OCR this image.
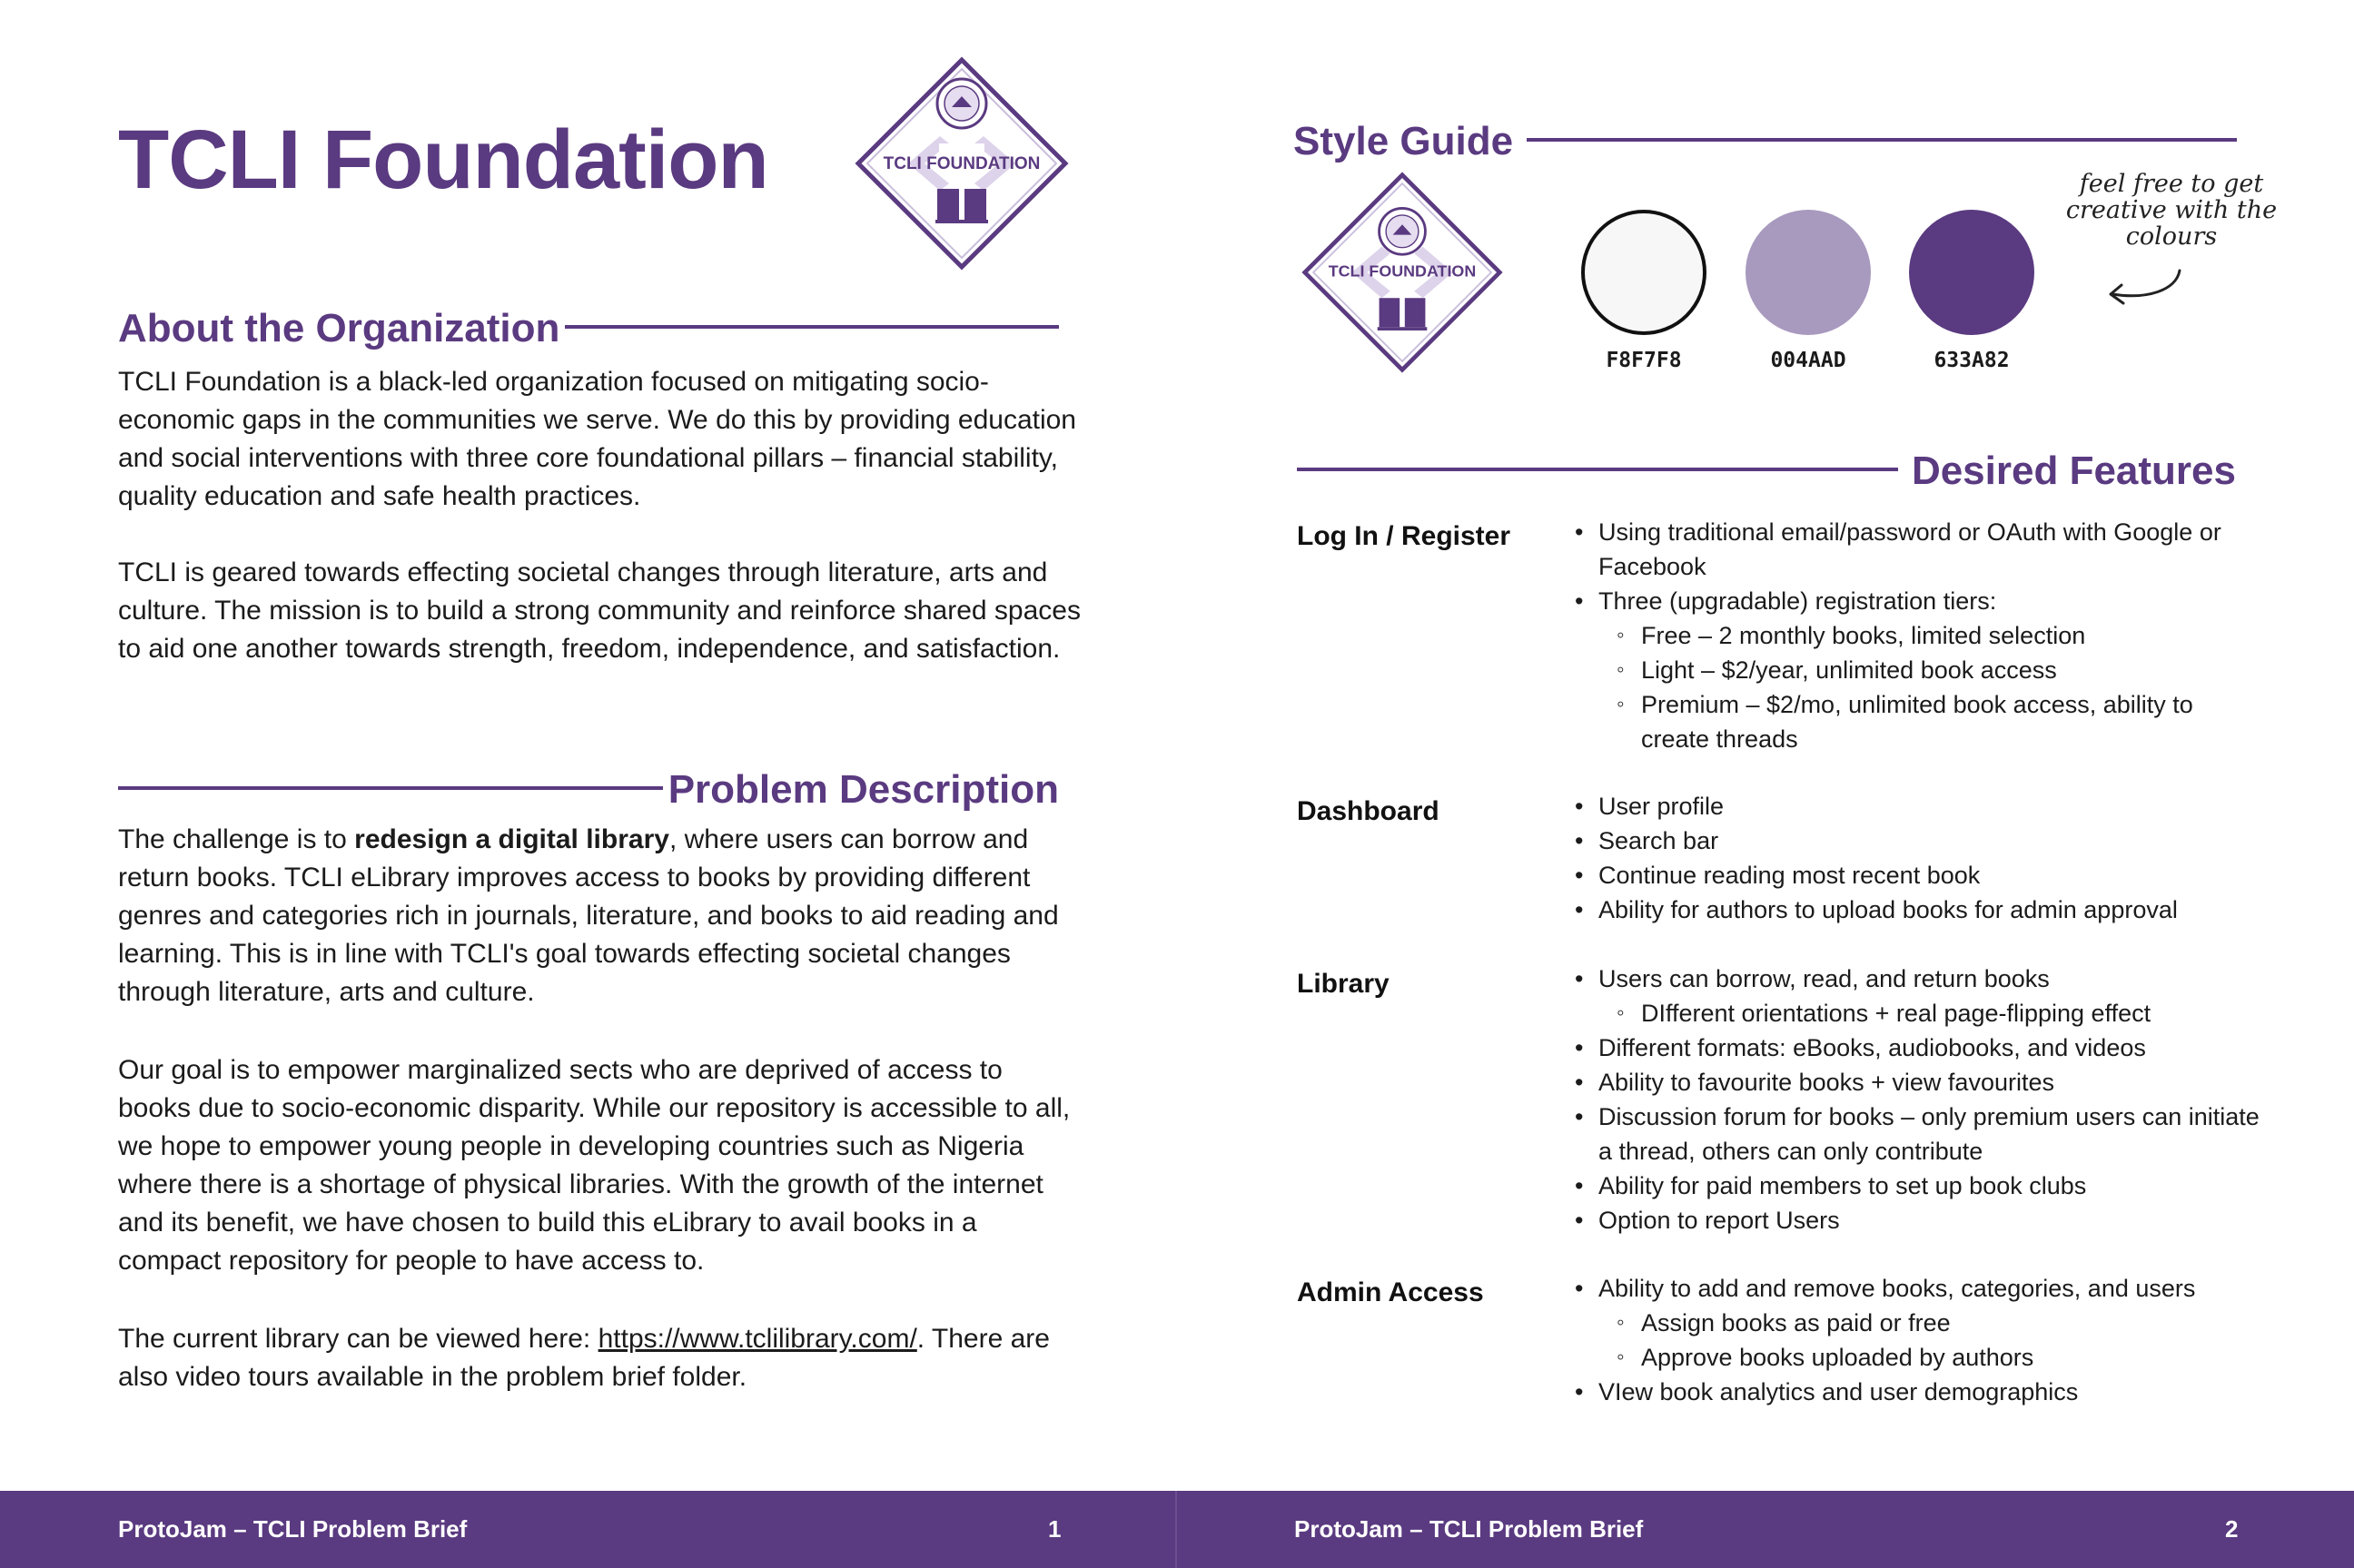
TCLI Foundation	TCLI FOUNDATION
About the Organization

TCLI Foundation is a black-led organization focused on mitigating socio-economic gaps in the communities we serve. We do this by providing education and social interventions with three core foundational pillars – financial stability, quality education and safe health practices.

TCLI is geared towards effecting societal changes through literature, arts and culture. The mission is to build a strong community and reinforce shared spaces to aid one another towards strength, freedom, independence, and satisfaction.

Problem Description

The challenge is to redesign a digital library, where users can borrow and return books. TCLI eLibrary improves access to books by providing different genres and categories rich in journals, literature, and books to aid reading and learning. This is in line with TCLI's goal towards effecting societal changes through literature, arts and culture.

Our goal is to empower marginalized sects who are deprived of access to books due to socio-economic disparity. While our repository is accessible to all, we hope to empower young people in developing countries such as Nigeria where there is a shortage of physical libraries. With the growth of the internet and its benefit, we have chosen to build this eLibrary to avail books in a compact repository for people to have access to.

The current library can be viewed here: https://www.tclilibrary.com/. There are also video tours available in the problem brief folder.

Style Guide
TCLI FOUNDATION
F8F7F8	004AAD	633A82
feel free to get creative with the colours
Desired Features
Log In / Register	• Using traditional email/password or OAuth with Google or Facebook
• Three (upgradable) registration tiers:
◦ Free – 2 monthly books, limited selection
◦ Light – $2/year, unlimited book access
◦ Premium – $2/mo, unlimited book access, ability to create threads
Dashboard	• User profile
• Search bar
• Continue reading most recent book
• Ability for authors to upload books for admin approval
Library	• Users can borrow, read, and return books
◦ DIfferent orientations + real page-flipping effect
• Different formats: eBooks, audiobooks, and videos
• Ability to favourite books + view favourites
• Discussion forum for books – only premium users can initiate a thread, others can only contribute
• Ability for paid members to set up book clubs
• Option to report Users
Admin Access	• Ability to add and remove books, categories, and users
◦ Assign books as paid or free
◦ Approve books uploaded by authors
• VIew book analytics and user demographics
ProtoJam – TCLI Problem Brief	1	ProtoJam – TCLI Problem Brief	2
